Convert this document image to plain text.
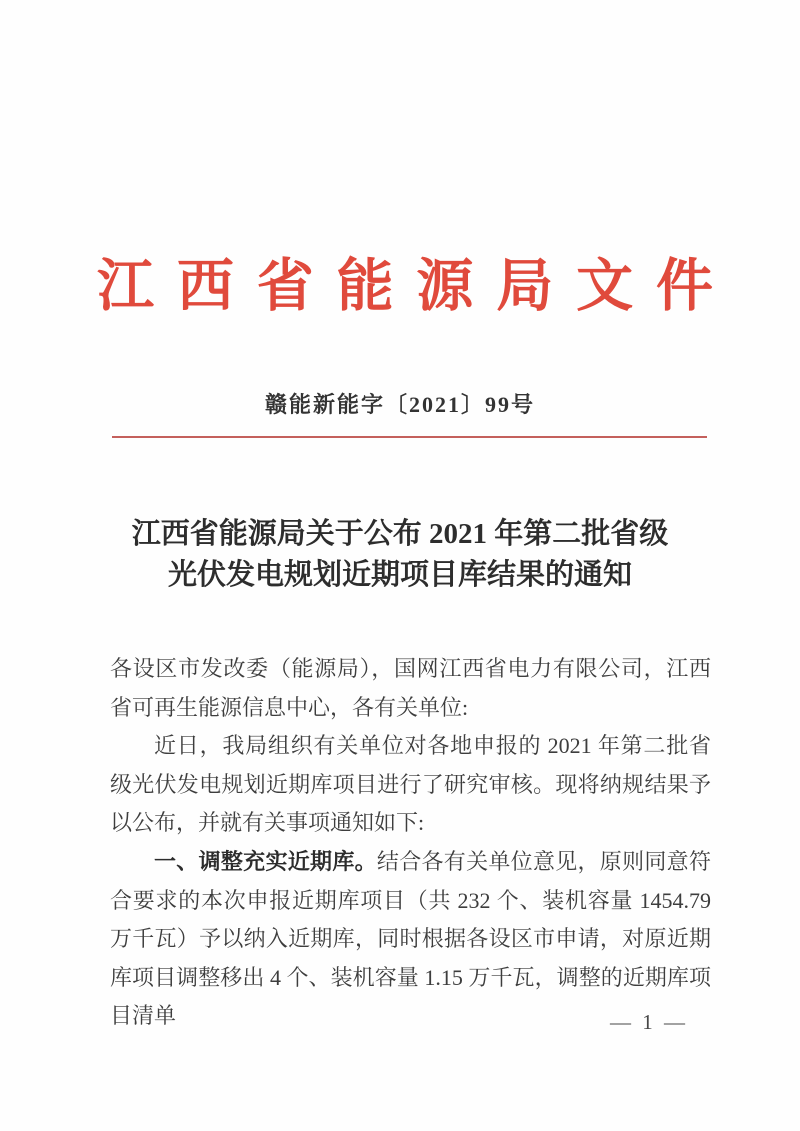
江 西 省 能 源 局 文 件
赣能新能字〔2021〕99号
江西省能源局关于公布 2021 年第二批省级
光伏发电规划近期项目库结果的通知

各设区市发改委（能源局），国网江西省电力有限公司，江西省可再生能源信息中心，各有关单位:

近日，我局组织有关单位对各地申报的 2021 年第二批省级光伏发电规划近期库项目进行了研究审核。现将纳规结果予以公布，并就有关事项通知如下:

一、调整充实近期库。结合各有关单位意见，原则同意符合要求的本次申报近期库项目（共 232 个、装机容量 1454.79 万千瓦）予以纳入近期库，同时根据各设区市申请，对原近期库项目调整移出 4 个、装机容量 1.15 万千瓦，调整的近期库项目清单	— 1 —
